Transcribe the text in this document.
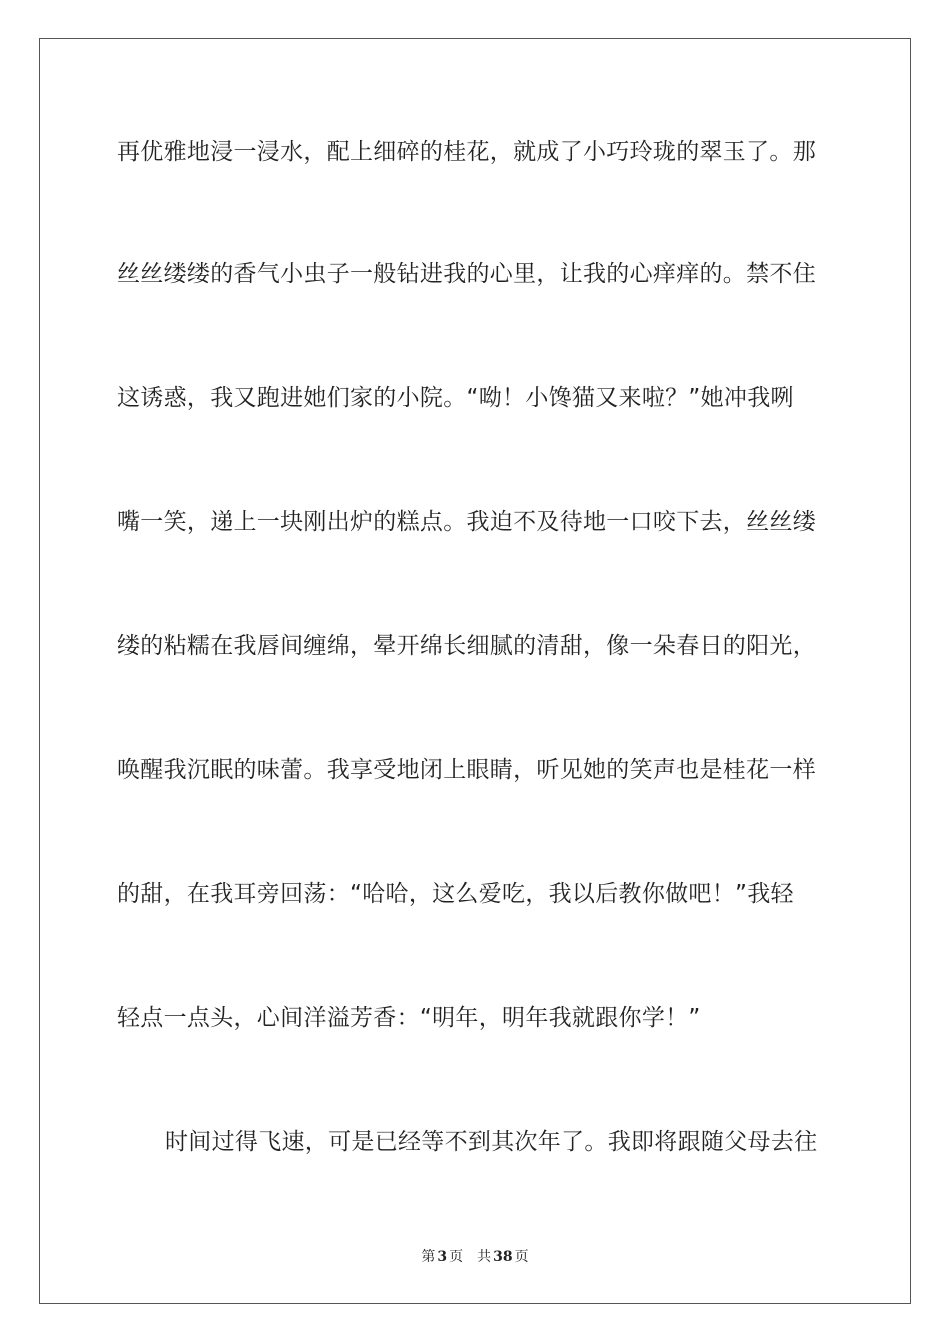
再优雅地浸一浸水，配上细碎的桂花，就成了小巧玲珑的翠玉了。那
丝丝缕缕的香气小虫子一般钻进我的心里，让我的心痒痒的。禁不住
这诱惑，我又跑进她们家的小院。“呦！小馋猫又来啦？”她冲我咧
嘴一笑，递上一块刚出炉的糕点。我迫不及待地一口咬下去，丝丝缕
缕的粘糯在我唇间缠绵，晕开绵长细腻的清甜，像一朵春日的阳光，
唤醒我沉眠的味蕾。我享受地闭上眼睛，听见她的笑声也是桂花一样
的甜，在我耳旁回荡：“哈哈，这么爱吃，我以后教你做吧！”我轻
轻点一点头，心间洋溢芳香：“明年，明年我就跟你学！”
时间过得飞速，可是已经等不到其次年了。我即将跟随父母去往
第 3 页 共 38 页
